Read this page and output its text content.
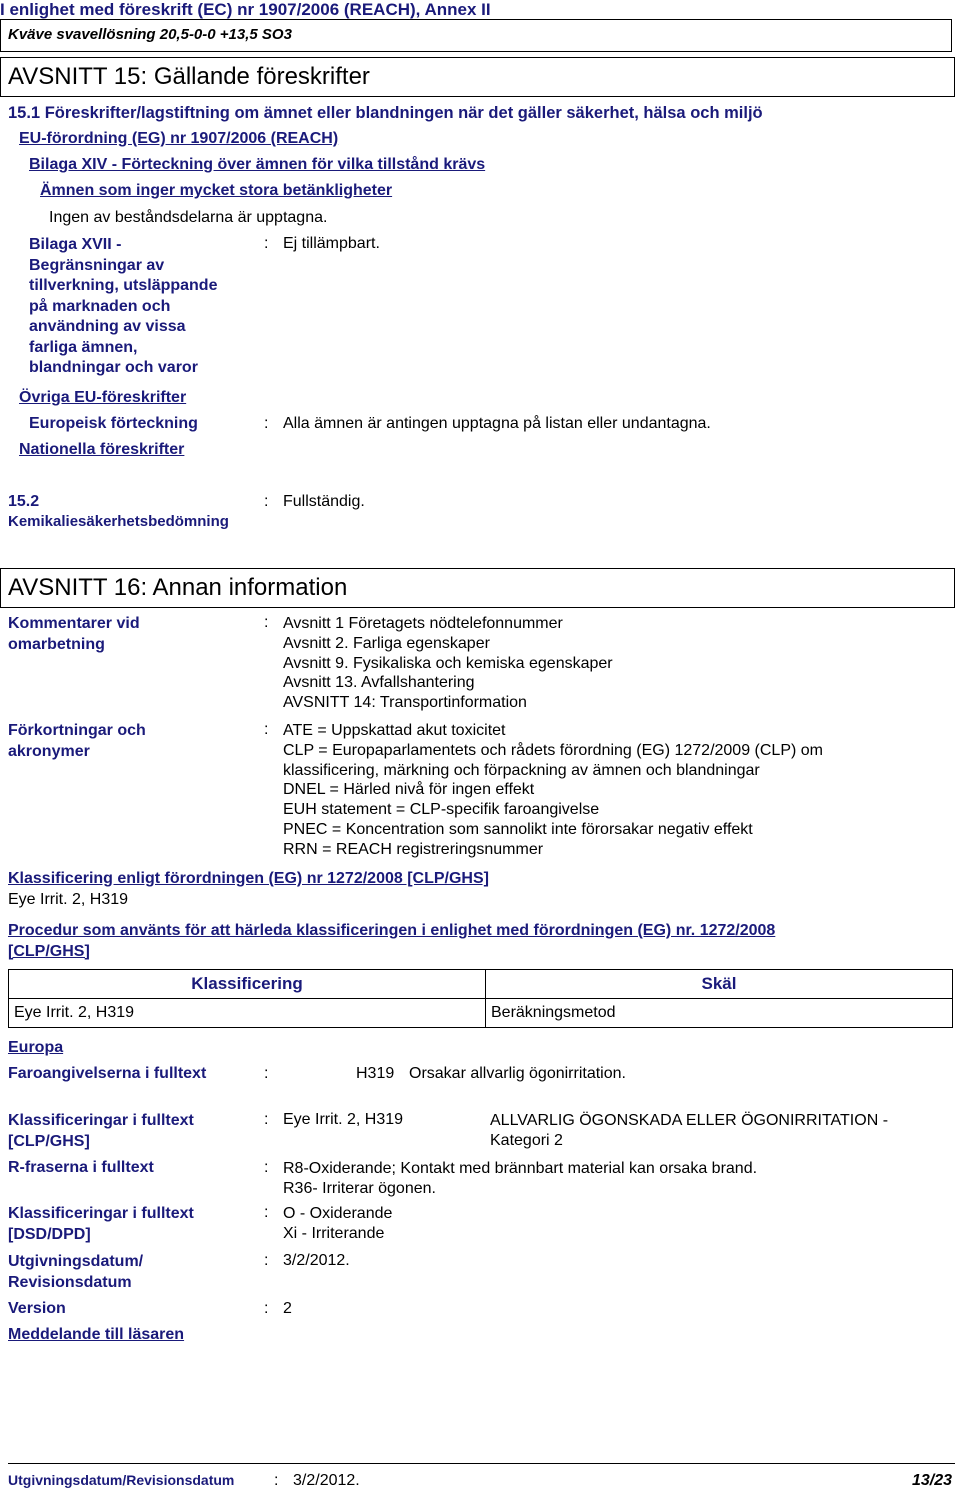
I enlighet med föreskrift (EC) nr 1907/2006 (REACH), Annex II
Kväve svavellösning 20,5-0-0 +13,5 SO3
AVSNITT 15: Gällande föreskrifter
15.1 Föreskrifter/lagstiftning om ämnet eller blandningen när det gäller säkerhet, hälsa och miljö
EU-förordning (EG) nr 1907/2006 (REACH)
Bilaga XIV - Förteckning över ämnen för vilka tillstånd krävs
Ämnen som inger mycket stora betänkligheter
Ingen av beståndsdelarna är upptagna.
Bilaga XVII -
Begränsningar av
tillverkning, utsläppande
på marknaden och
användning av vissa
farliga ämnen,
blandningar och varor
: Ej tillämpbart.
Övriga EU-föreskrifter
Europeisk förteckning	: Alla ämnen är antingen upptagna på listan eller undantagna.
Nationella föreskrifter
15.2
Kemikaliesäkerhetsbedömning
: Fullständig.
AVSNITT 16: Annan information
Kommentarer vid
omarbetning
: Avsnitt 1 Företagets nödtelefonnummer
Avsnitt 2. Farliga egenskaper
Avsnitt 9. Fysikaliska och kemiska egenskaper
Avsnitt 13. Avfallshantering
AVSNITT 14: Transportinformation
Förkortningar och
akronymer
: ATE = Uppskattad akut toxicitet
CLP = Europaparlamentets och rådets förordning (EG) 1272/2009 (CLP) om
klassificering, märkning och förpackning av ämnen och blandningar
DNEL = Härled nivå för ingen effekt
EUH statement = CLP-specifik faroangivelse
PNEC = Koncentration som sannolikt inte förorsakar negativ effekt
RRN = REACH registreringsnummer
Klassificering enligt förordningen (EG) nr 1272/2008 [CLP/GHS]
Eye Irrit. 2, H319
Procedur som använts för att härleda klassificeringen i enlighet med förordningen (EG) nr. 1272/2008
[CLP/GHS]
Klassificering	Skäl
Eye Irrit. 2, H319	Beräkningsmetod
Europa
Faroangivelserna i fulltext	:	H319 Orsakar allvarlig ögonirritation.
Klassificeringar i fulltext
[CLP/GHS]
: Eye Irrit. 2, H319	ALLVARLIG ÖGONSKADA ELLER ÖGONIRRITATION -
Kategori 2
R-fraserna i fulltext	: R8-Oxiderande; Kontakt med brännbart material kan orsaka brand.
R36- Irriterar ögonen.
Klassificeringar i fulltext
[DSD/DPD]
: O - Oxiderande
Xi - Irriterande
Utgivningsdatum/
Revisionsdatum
: 3/2/2012.
Version	: 2
Meddelande till läsaren
Utgivningsdatum/Revisionsdatum : 3/2/2012.	13/23
